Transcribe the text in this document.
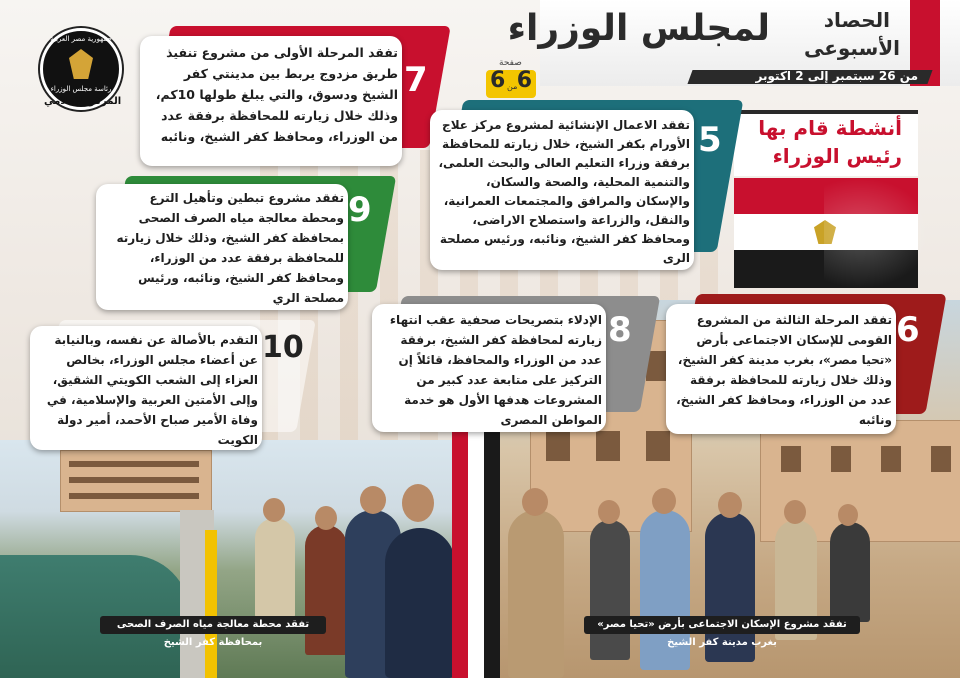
لمجلس الوزراء	الحصاد
الأسبوعى
من 26 سبتمبر إلى 2 اكتوبر
جمهورية مصر العربية
رئاسة مجلس الوزراء
المركز الإعلامي
صفحة
6 من 6
أنشطة قام بها
رئيس الوزراء
تفقد المرحلة الأولى من مشروع تنفيذ طريق مزدوج يربط بين مدينتي كفر الشيخ ودسوق، والتي يبلغ طولها 10كم، وذلك خلال زيارته للمحافظة برفقة عدد من الوزراء، ومحافظ كفر الشيخ، ونائبه
7
تفقد الاعمال الإنشائية لمشروع مركز علاج الأورام بكفر الشيخ، خلال زيارته للمحافظة برفقة وزراء التعليم العالى والبحث العلمى، والتنمية المحلية، والصحة والسكان، والإسكان والمرافق والمجتمعات العمرانية، والنقل، والزراعة واستصلاح الاراضى، ومحافظ كفر الشيخ، ونائبه، ورئيس مصلحة الرى
5
تفقد مشروع تبطين وتأهيل الترع ومحطة معالجة مياه الصرف الصحى بمحافظة كفر الشيخ، وذلك خلال زيارته للمحافظة برفقة عدد من الوزراء، ومحافظ كفر الشيخ، ونائبه، ورئيس مصلحة الري
9
تفقد المرحلة الثالثة من المشروع القومى للإسكان الاجتماعى بأرض «تحيا مصر»، بغرب مدينة كفر الشيخ، وذلك خلال زيارته للمحافظة برفقة عدد من الوزراء، ومحافظ كفر الشيخ، ونائبه
6
الإدلاء بتصريحات صحفية عقب انتهاء زيارته لمحافظة كفر الشيخ، برفقة عدد من الوزراء والمحافظ، قائلاً إن التركيز على متابعة عدد كبير من المشروعات هدفها الأول هو خدمة المواطن المصرى
8
التقدم بالأصالة عن نفسه، وبالنيابة عن أعضاء مجلس الوزراء، بخالص العزاء إلى الشعب الكويتي الشقيق، وإلى الأمتين العربية والإسلامية، في وفاة الأمير صباح الأحمد، أمير دولة الكويت
10
تفقد محطة معالجة مياه الصرف الصحى بمحافظة كفر الشيخ
تفقد مشروع الإسكان الاجتماعى بأرض «تحيا مصر» بغرب مدينة كفر الشيخ
